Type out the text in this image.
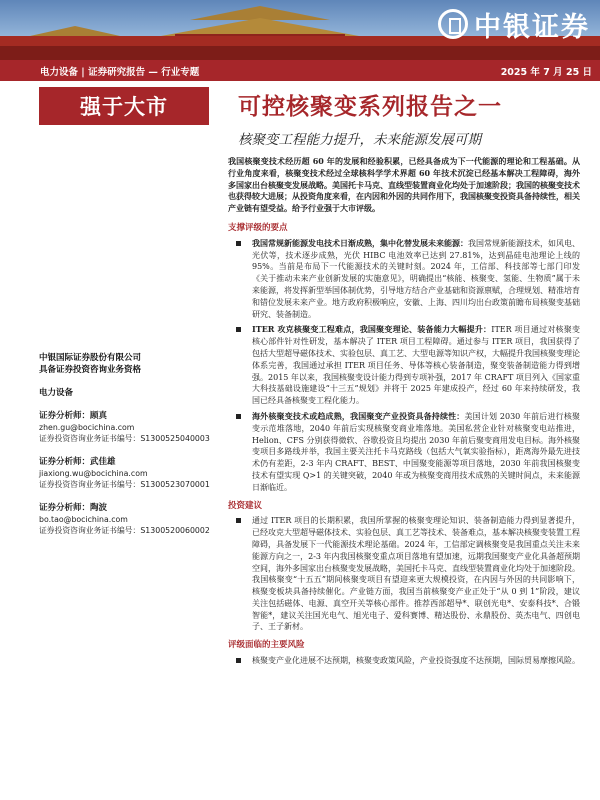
中银证券
电力设备 | 证券研究报告 — 行业专题	2025 年 7 月 25 日
强于大市	可控核聚变系列报告之一
核聚变工程能力提升，未来能源发展可期
中银国际证券股份有限公司
具备证券投资咨询业务资格
电力设备
证券分析师：顾真
zhen.gu@bocichina.com
证券投资咨询业务证书编号：S1300525040003
证券分析师：武佳雄
jiaxiong.wu@bocichina.com
证券投资咨询业务证书编号：S1300523070001
证券分析师：陶波
bo.tao@bocichina.com
证券投资咨询业务证书编号：S1300520060002

我国核聚变技术经历超 60 年的发展和经验积累，已经具备成为下一代能源的理论和工程基础。从行业角度来看，核聚变技术经过全球核科学学术界超 60 年技术沉淀已经基本解决工程障碍，海外多国家出台核聚变发展战略。美国托卡马克、直线型装置商业化均处于加速阶段；我国的核聚变技术也获得较大进展；从投资角度来看，在内因和外因的共同作用下，我国核聚变投资具备持续性，相关产业链有望受益。给予行业强于大市评级。

支撑评级的要点
我国常规新能源发电技术日渐成熟，集中化替发展未来能源：我国常规新能源技术，如风电、光伏等，技术逐步成熟，光伏 HIBC 电池效率已达到 27.81%，达到晶硅电池理论上线的 95%。当前是布局下一代能源技术的关键时刻。2024 年，工信部、科技部等七部门印发《关于推动未来产业创新发展的实施意见》，明确提出“核能、核聚变、氢能、生物质”属于未来能源，将发挥新型举国体制优势，引导地方结合产业基础和资源禀赋，合理规划、精准培育和错位发展未来产业。地方政府积极响应，安徽、上海、四川均出台政策前瞻布局核聚变基础研究、装备制造。
ITER 攻克核聚变工程难点，我国聚变理论、装备能力大幅提升：ITER 项目通过对核聚变核心部件针对性研发，基本解决了 ITER 项目工程障碍。通过参与 ITER 项目，我国获得了包括大型超导磁体技术、实验包层、真工艺、大型电源等知识产权，大幅提升我国核聚变理论体系完善，我国通过承担 ITER 项目任务、导体等核心装备制造，聚变装备制造能力得到增强。2015 年以来，我国核聚变设计能力得到专项补强，2017 年 CRAFT 项目列入《国家重大科技基础设施建设“十三五”规划》并将于 2025 年建成投产，经过 60 年来持续研发，我国已经具备核聚变工程化能力。
海外核聚变技术或趋成熟，我国聚变产业投资具备持续性：美国计划 2030 年前后进行核聚变示范堆落地，2040 年前后实现核聚变商业堆落地。美国私营企业针对核聚变电站推进，Helion、CFS 分别获得微软、谷歌投资且均提出 2030 年前后聚变商用发电目标。海外核聚变项目多路线并举，我国主要关注托卡马克路线（包括大气氧实验指标），距离海外最先进技术仍有差距，2-3 年内 CRAFT、BEST、中国聚变能源等项目落地，2030 年前我国核聚变技术有望实现 Q>1 的关键突破，2040 年或为核聚变商用技术成熟的关键时间点，未来能源日渐临近。
投资建议
通过 ITER 项目的长期积累，我国所掌握的核聚变理论知识、装备制造能力得到显著提升，已经攻克大型超导磁体技术、实验包层、真工艺等技术、装备难点，基本解决核聚变装置工程障碍，具备发展下一代能源技术理论基础。2024 年，工信部定调核聚变是我国重点关注未来能源方向之一，2-3 年内我国核聚变重点项目落地有望加速，远期我国聚变产业化具备超预期空间，海外多国家出台核聚变发展战略，美国托卡马克、直线型装置商业化均处于加速阶段。我国核聚变“十五五”期间核聚变项目有望迎来更大规模投资，在内因与外因的共同影响下，核聚变板块具备持续催化。产业链方面，我国当前核聚变产业正处于“从 0 到 1”阶段，建议关注包括磁体、电源、真空开关等核心部件。推荐西部超导*、联创光电*、安泰科技*、合锻智能*，建议关注国光电气、旭光电子、爱科赛博、精达股份、永鼎股份、英杰电气、四创电子、王子新材。
评级面临的主要风险
核聚变产业化进展不达预期，核聚变政策风险，产业投资强度不达预期，国际贸易摩擦风险。
